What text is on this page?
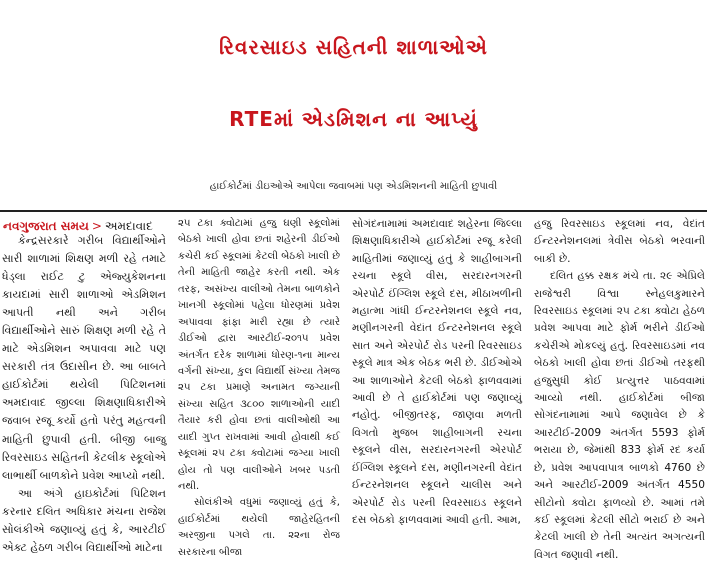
રિવરસાઇડ સહિતની શાળાઓએ
RTEમાં એડમિશન ના આપ્યું
હાઈકોર્ટમાં ડીઇઓએ આપેલા જવાબમાં પણ એડમિશનની માહિતી છુપાવી
નવગુજરાત સમય > અમદાવાદ

કેન્દ્રસરકારે ગરીબ વિદ્યાર્થીઓને સારી શાળામાં શિક્ષણ મળી રહે તમાટે ધેડ્લા રાઈટ ટુ એજ્યુકેશનના કાયદામાં સારી શાળાઓ એડમિશન આપતી નથી અને ગરીબ વિદ્યાર્થીઓને સારું શિક્ષણ મળી રહે તે માટે એડમિશન અપાવવા માટે પણ સરકારી તંત્ર ઉદાસીન છે. આ બાબતે હાઈકોર્ટમાં થયેલી પિટિશનમાં અમદાવાદ જીલ્લા શિક્ષણાધિકારીએ જવાબ રજૂ કર્યો હતો પરંતુ મહત્વની માહિતી છુપાવી હતી. બીજી બાજુ રિવરસાઇડ સહિતની કેટલીક સ્કૂલોએ લાભાર્થી બાળકોને પ્રવેશ આપ્યો નથી.

આ અંગે હાઇકોર્ટમાં પિટિશન કરનાર દલિત અધિકાર મંચના રાજેશ સોલંકીએ જણાવ્યું હતું કે, આરટીઈ એક્ટ હેઠળ ગરીબ વિદ્યાર્થીઓ માટેના

૨૫ ટકા ક્વોટામાં હજુ ઘણી સ્કૂલોમાં બેઠકો ખાલી હોવા છતાં શહેરની ડીઈઓ કચેરી કઈ સ્કૂલમાં કેટલી બેઠકો ખાલી છે તેની માહિતી જાહેર કરતી નથી. એક તરફ, અસંખ્ય વાલીઓ તેમના બાળકોને ખાનગી સ્કૂલોમાં પહેલા ધોરણમાં પ્રવેશ અપાવવા ફાંફા મારી રહ્યા છે ત્યારે ડીઈઓ દ્વારા આરટીઈ-૨૦૧૫ પ્રવેશ અંતર્ગત દરેક શાળામાં ધોરણ-૧ના માન્ય વર્ગની સંખ્યા, કુલ વિદ્યાર્થી સંખ્યા તેમજ ૨૫ ટકા પ્રમાણે અનામત જગ્યાની સંખ્યા સહિત ૩૮૦૦ શાળાઓની યાદી તૈયાર કરી હોવા છતાં વાલીઓથી આ યાદી ગુપ્ત રાખવામાં આવી હોવાથી કઈ સ્કૂલમાં ૨૫ ટકા ક્વોટામાં જગ્યા ખાલી હોય તો પણ વાલીઓને ખબર પડતી નથી.

સોલંકીએ વધુમાં જણાવ્યું હતું કે, હાઈકોર્ટમાં થયેલી જાહેરહિતની અરજીના પગલે તા. ૨૨ના રોજ સરકારના બીજા

સોગંદનામામાં અમદાવાદ શહેરના જિલ્લા શિક્ષણાધિકારીએ હાઈકોર્ટમાં રજૂ કરેલી માહિતીમાં જણાવ્યું હતું કે શાહીબાગની રચના સ્કૂલે વીસ, સરદારનગરની એરપોર્ટ ઈંગ્લિશ સ્કૂલે દસ, મીઠાખળીની મહાત્મા ગાંધી ઈન્ટરનેશનલ સ્કૂલે નવ, મણીનગરની વેદાંત ઈન્ટરનેશનલ સ્કૂલે સાત અને એરપોર્ટ રોડ પરની રિવરસાઇડ સ્કૂલે માત્ર એક બેઠક ભરી છે. ડીઈઓએ આ શાળાઓને કેટલી બેઠકો ફાળવવામાં આવી છે તે હાઈકોર્ટમાં પણ જણાવ્યું નહોતું. બીજીતરફ, જાણવા મળતી વિગતો મુજબ શાહીબાગની રચના સ્કૂલને વીસ, સરદારનગરની એરપોર્ટ ઈંગ્લિશ સ્કૂલને દસ, મણીનગરની વેદાંત ઈન્ટરનેશનલ સ્કૂલને ચાલીસ અને એરપોર્ટ રોડ પરની રિવરસાઇડ સ્કૂલને દસ બેઠકો ફાળવવામાં આવી હતી. આમ,

હજુ રિવરસાઇડ સ્કૂલમાં નવ, વેદાંત ઈન્ટરનેશનલમાં ત્રેવીસ બેઠકો ભરવાની બાકી છે.

દલિત હક્ક રક્ષક મંચે તા. ૨૯ એપ્રિલે રાજેશ્વરી વિશ્વા સ્નેહલકુમારને રિવરસાઇડ સ્કૂલમાં ૨૫ ટકા ક્વોટા હેઠળ પ્રવેશ આપવા માટે ફોર્મ ભરીને ડીઈઓ કચેરીએ મોકલ્યું હતું. રિવરસાઇડમાં નવ બેઠકો ખાલી હોવા છતાં ડીઈઓ તરફથી હજુસુધી કોઈ પ્રત્યુત્તર પાઠવવામાં આવ્યો નથી. હાઈકોર્ટમાં બીજા સોગંદનામામાં આપે જણાવેલ છે કે આરટીઈ-2009 અંતર્ગત 5593 ફોર્મ ભરાયા છે, જેમાંથી 833 ફોર્મ રદ કર્યા છે, પ્રવેશ આપવાપાત્ર બાળકો 4760 છે અને આરટીઈ-2009 અંતર્ગત 4550 સીટોનો ક્વોટા ફાળવ્યો છે. આમાં તમે કઈ સ્કૂલમાં કેટલી સીટો ભરાઈ છે અને કેટલી ખાલી છે તેની અત્યંત અગત્યની વિગત જણાવી નથી.
